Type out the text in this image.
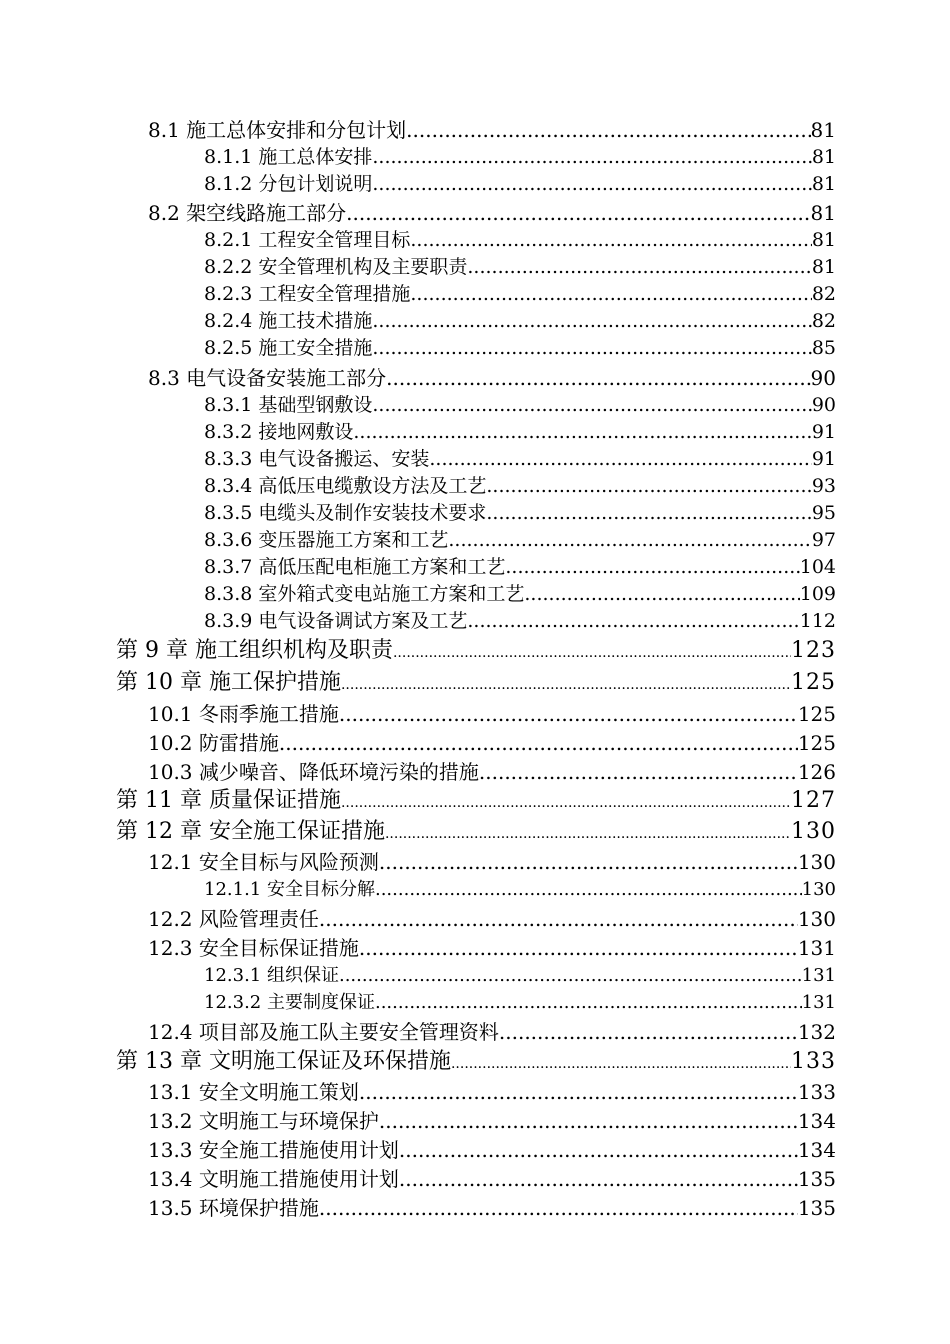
8.1 施工总体安排和分包计划 .....	81
8.1.1 施工总体安排 .....	81
8.1.2 分包计划说明 .....	81
8.2 架空线路施工部分 .....	81
8.2.1 工程安全管理目标 .....	81
8.2.2 安全管理机构及主要职责 .....	81
8.2.3 工程安全管理措施 .....	82
8.2.4 施工技术措施 .....	82
8.2.5 施工安全措施 .....	85
8.3 电气设备安装施工部分 .....	90
8.3.1 基础型钢敷设 .....	90
8.3.2 接地网敷设 .....	91
8.3.3 电气设备搬运、安装 .....	91
8.3.4 高低压电缆敷设方法及工艺 .....	93
8.3.5 电缆头及制作安装技术要求 .....	95
8.3.6 变压器施工方案和工艺 .....	97
8.3.7 高低压配电柜施工方案和工艺 .....	104
8.3.8 室外箱式变电站施工方案和工艺 .....	109
8.3.9 电气设备调试方案及工艺 .....	112
第 9 章 施工组织机构及职责 .....	123
第 10 章 施工保护措施 .....	125
10.1 冬雨季施工措施 .....	125
10.2 防雷措施 .....	125
10.3 减少噪音、降低环境污染的措施 .....	126
第 11 章 质量保证措施 .....	127
第 12 章 安全施工保证措施 .....	130
12.1 安全目标与风险预测 .....	130
12.1.1 安全目标分解 .....	130
12.2 风险管理责任 .....	130
12.3 安全目标保证措施 .....	131
12.3.1 组织保证 .....	131
12.3.2 主要制度保证 .....	131
12.4 项目部及施工队主要安全管理资料 .....	132
第 13 章 文明施工保证及环保措施 .....	133
13.1 安全文明施工策划 .....	133
13.2 文明施工与环境保护 .....	134
13.3 安全施工措施使用计划 .....	134
13.4 文明施工措施使用计划 .....	135
13.5 环境保护措施 .....	135
